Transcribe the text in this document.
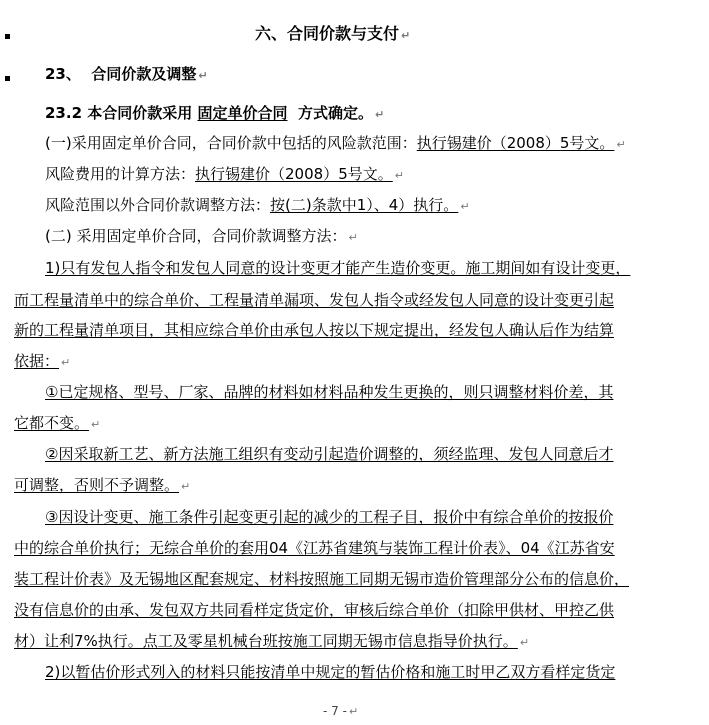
六、合同价款与支付 ↵
23、 合同价款及调整 ↵
23.2 本合同价款采用 固定单价合同 方式确定。 ↵
(一)采用固定单价合同，合同价款中包括的风险款范围：执行锡建价（2008）5号文。 ↵
风险费用的计算方法：执行锡建价（2008）5号文。 ↵
风险范围以外合同价款调整方法：按(二)条款中1）、4）执行。 ↵
(二) 采用固定单价合同，合同价款调整方法： ↵
1)只有发包人指令和发包人同意的设计变更才能产生造价变更。施工期间如有设计变更，
而工程量清单中的综合单价、工程量清单漏项、发包人指令或经发包人同意的设计变更引起
新的工程量清单项目，其相应综合单价由承包人按以下规定提出，经发包人确认后作为结算
依据： ↵
①已定规格、型号、厂家、品牌的材料如材料品种发生更换的，则只调整材料价差，其
它都不变。 ↵
②因采取新工艺、新方法施工组织有变动引起造价调整的，须经监理、发包人同意后才
可调整，否则不予调整。 ↵
③因设计变更、施工条件引起变更引起的减少的工程子目，报价中有综合单价的按报价
中的综合单价执行；无综合单价的套用04《江苏省建筑与装饰工程计价表》、04《江苏省安
装工程计价表》及无锡地区配套规定、材料按照施工同期无锡市造价管理部分公布的信息价，
没有信息价的由承、发包双方共同看样定货定价，审核后综合单价（扣除甲供材、甲控乙供
材）让利7%执行。点工及零星机械台班按施工同期无锡市信息指导价执行。 ↵
2)以暂估价形式列入的材料只能按清单中规定的暂估价格和施工时甲乙双方看样定货定
- 7 - ↵
